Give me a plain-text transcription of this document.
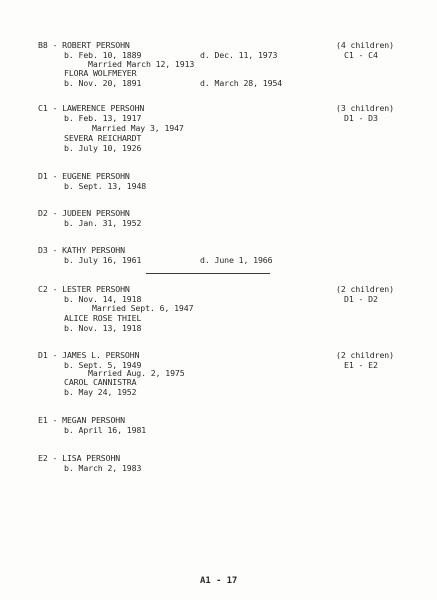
B8 - ROBERT PERSOHN
b. Feb. 10, 1889	d. Dec. 11, 1973
(4 children)
C1 - C4
Married March 12, 1913
FLORA WOLFMEYER
b. Nov. 20, 1891	d. March 28, 1954
C1 - LAWERENCE PERSOHN
b. Feb. 13, 1917
(3 children)
D1 - D3
Married May 3, 1947
SEVERA REICHARDT
b. July 10, 1926
D1 - EUGENE PERSOHN
b. Sept. 13, 1948
D2 - JUDEEN PERSOHN
b. Jan. 31, 1952
D3 - KATHY PERSOHN
b. July 16, 1961	d. June 1, 1966
C2 - LESTER PERSOHN
b. Nov. 14, 1918
(2 children)
D1 - D2
Married Sept. 6, 1947
ALICE ROSE THIEL
b. Nov. 13, 1918
D1 - JAMES L. PERSOHN
b. Sept. 5, 1949
(2 children)
E1 - E2
Married Aug. 2, 1975
CAROL CANNISTRA
b. May 24, 1952
E1 - MEGAN PERSOHN
b. April 16, 1981
E2 - LISA PERSOHN
b. March 2, 1983
A1 - 17
